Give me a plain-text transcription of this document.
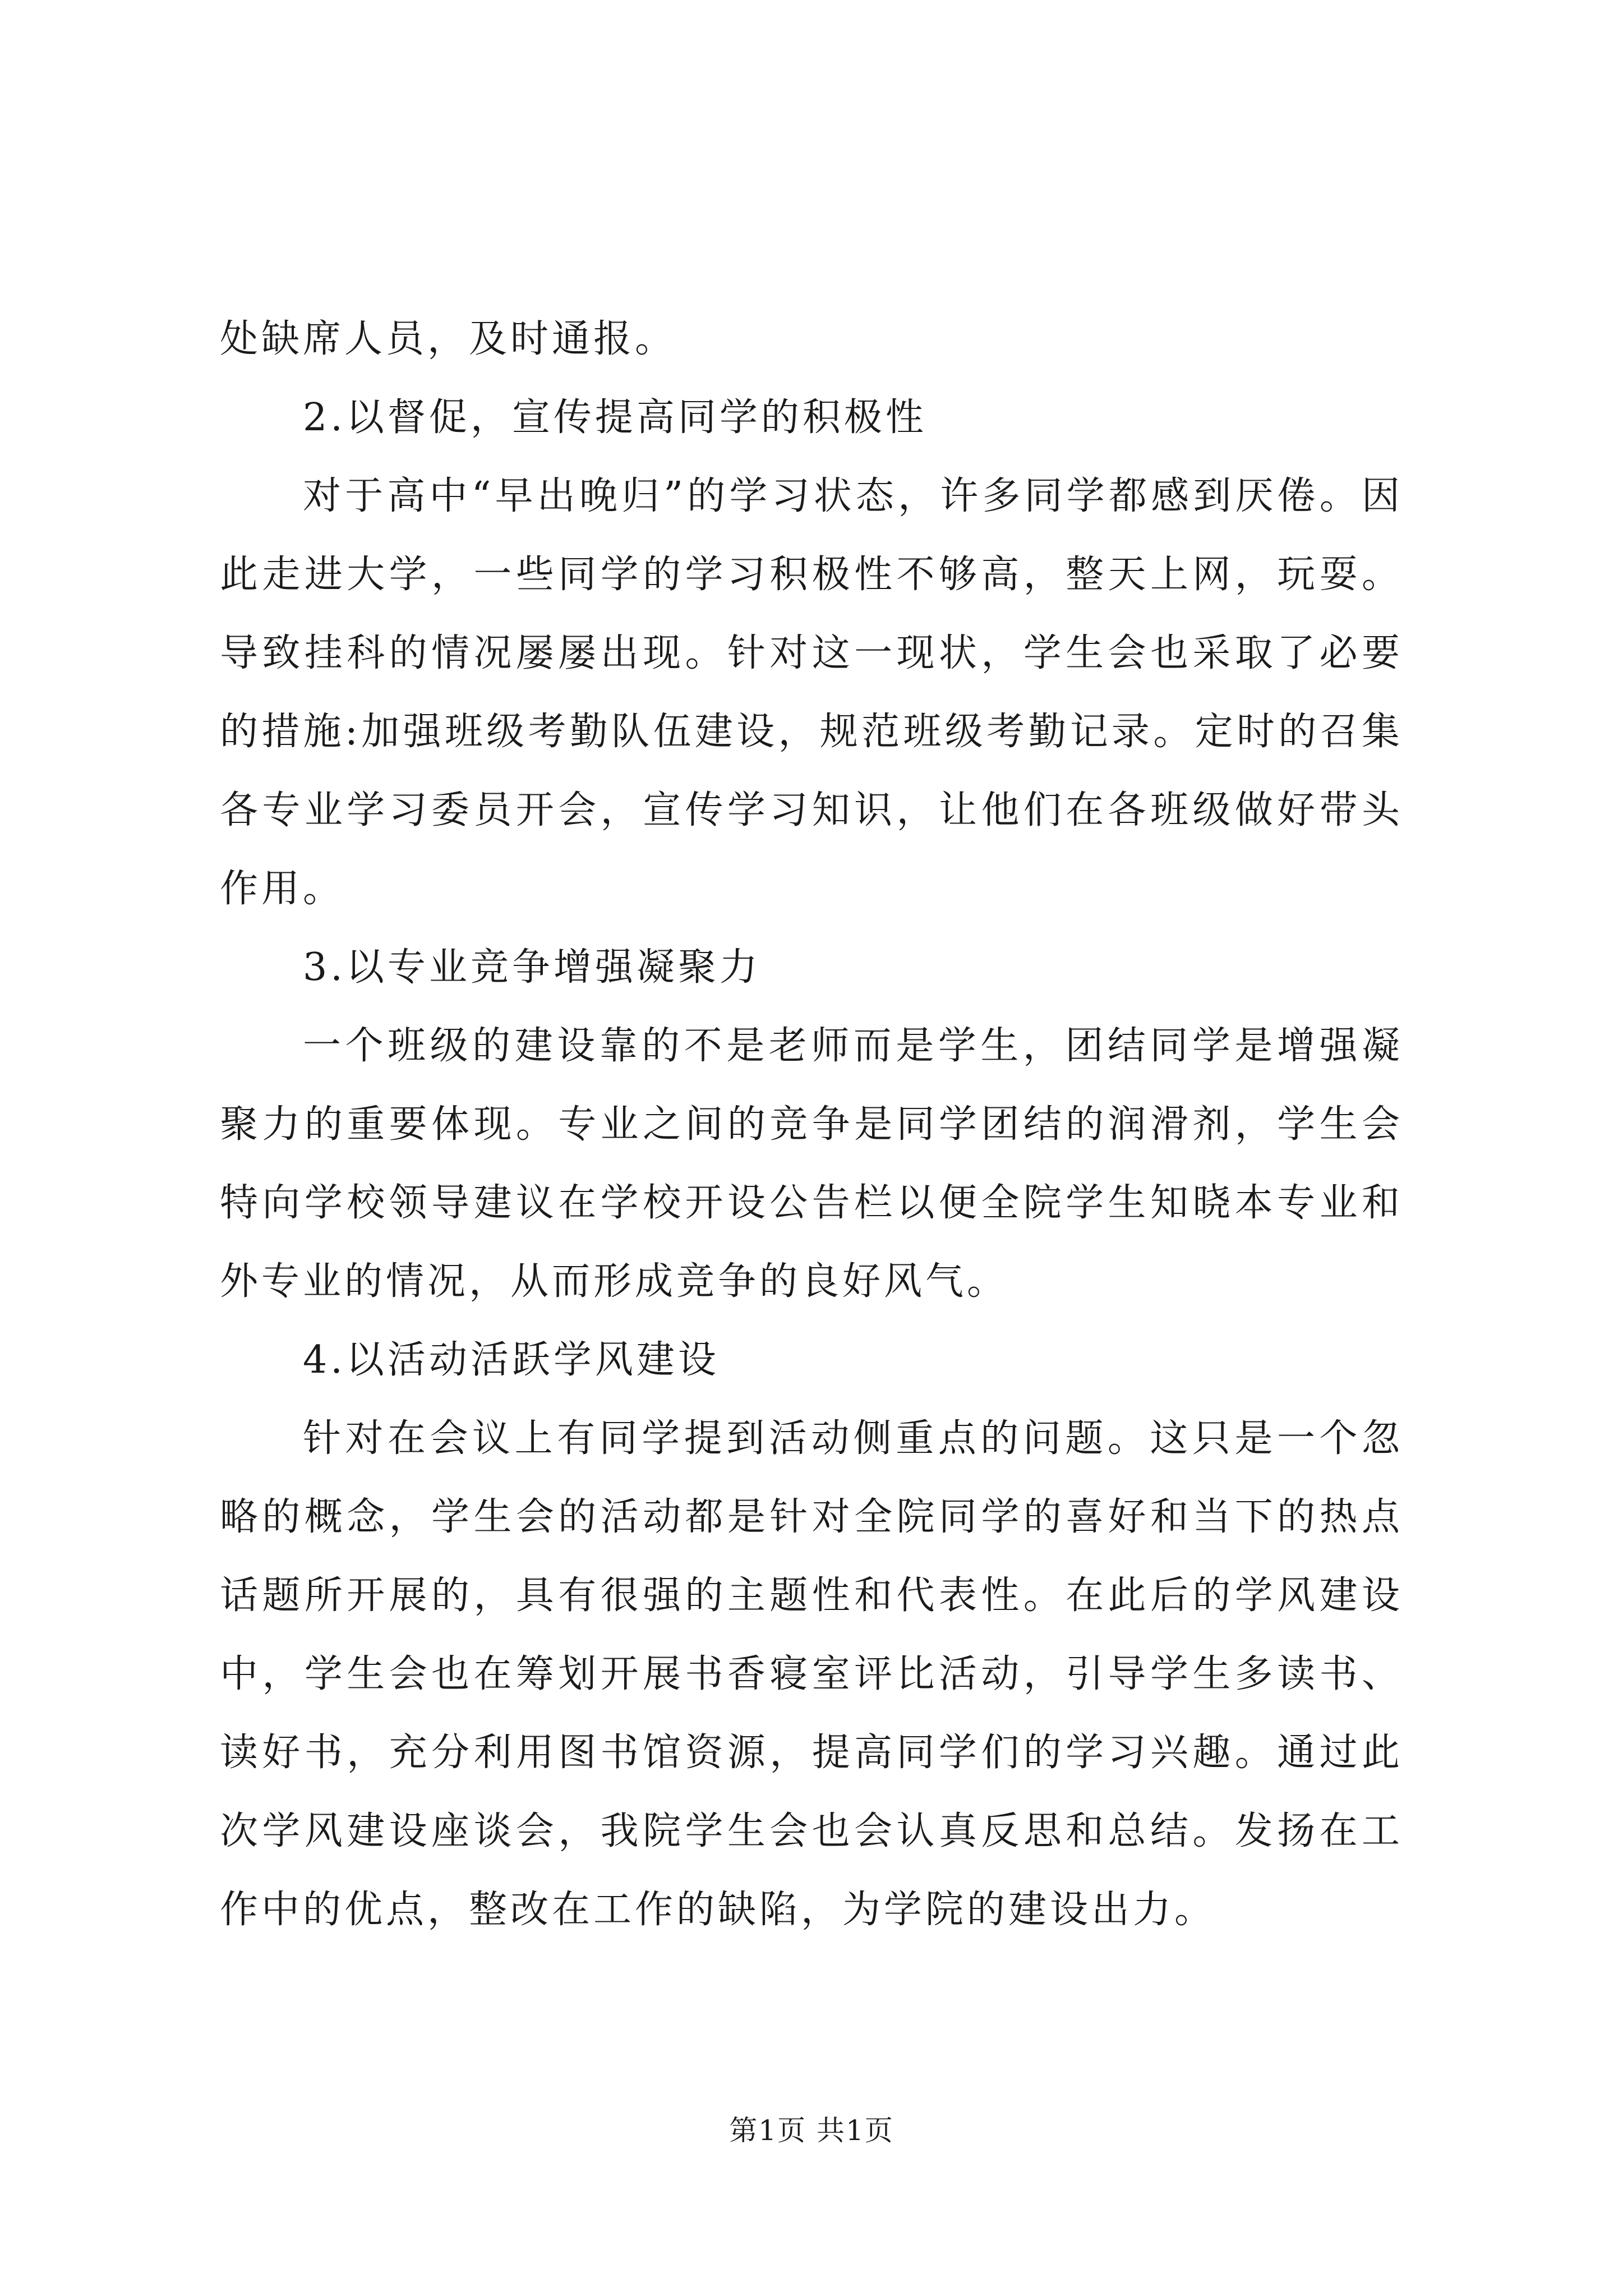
处缺席人员，及时通报。

2.以督促，宣传提高同学的积极性

对于高中“早出晚归”的学习状态，许多同学都感到厌倦。因此走进大学，一些同学的学习积极性不够高，整天上网，玩耍。导致挂科的情况屡屡出现。针对这一现状，学生会也采取了必要的措施:加强班级考勤队伍建设，规范班级考勤记录。定时的召集各专业学习委员开会，宣传学习知识，让他们在各班级做好带头作用。

3.以专业竞争增强凝聚力

一个班级的建设靠的不是老师而是学生，团结同学是增强凝聚力的重要体现。专业之间的竞争是同学团结的润滑剂，学生会特向学校领导建议在学校开设公告栏以便全院学生知晓本专业和外专业的情况，从而形成竞争的良好风气。

4.以活动活跃学风建设

针对在会议上有同学提到活动侧重点的问题。这只是一个忽略的概念，学生会的活动都是针对全院同学的喜好和当下的热点话题所开展的，具有很强的主题性和代表性。在此后的学风建设中，学生会也在筹划开展书香寝室评比活动，引导学生多读书、读好书，充分利用图书馆资源，提高同学们的学习兴趣。通过此次学风建设座谈会，我院学生会也会认真反思和总结。发扬在工作中的优点，整改在工作的缺陷，为学院的建设出力。

第1页 共1页
